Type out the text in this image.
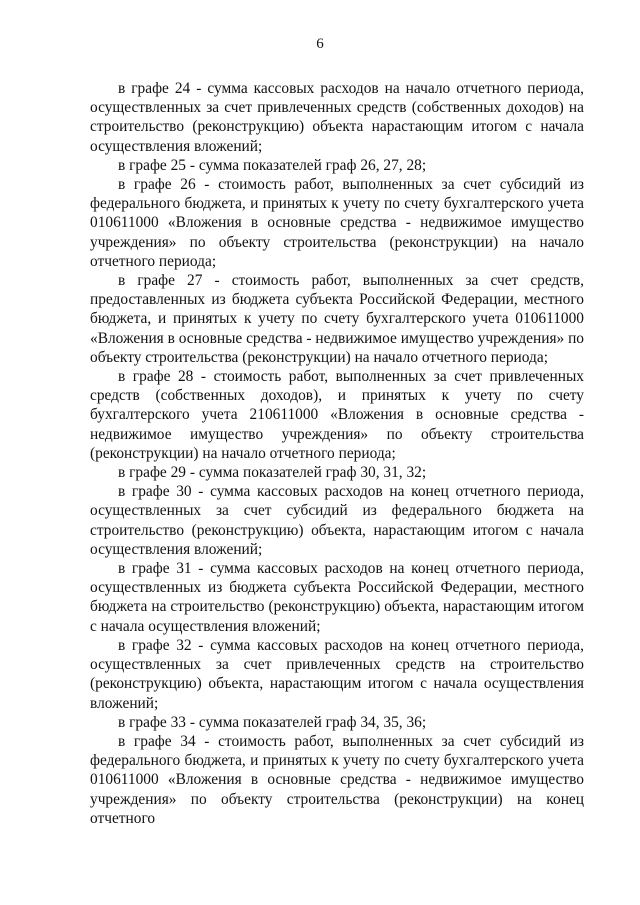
6

в графе 24 - сумма кассовых расходов на начало отчетного периода, осуществленных за счет привлеченных средств (собственных доходов) на строительство (реконструкцию) объекта нарастающим итогом с начала осуществления вложений;

в графе 25 - сумма показателей граф 26, 27, 28;

в графе 26 - стоимость работ, выполненных за счет субсидий из федерального бюджета, и принятых к учету по счету бухгалтерского учета 010611000 «Вложения в основные средства - недвижимое имущество учреждения» по объекту строительства (реконструкции) на начало отчетного периода;

в графе 27 - стоимость работ, выполненных за счет средств, предоставленных из бюджета субъекта Российской Федерации, местного бюджета, и принятых к учету по счету бухгалтерского учета 010611000 «Вложения в основные средства - недвижимое имущество учреждения» по объекту строительства (реконструкции) на начало отчетного периода;

в графе 28 - стоимость работ, выполненных за счет привлеченных средств (собственных доходов), и принятых к учету по счету бухгалтерского учета 210611000 «Вложения в основные средства - недвижимое имущество учреждения» по объекту строительства (реконструкции) на начало отчетного периода;

в графе 29 - сумма показателей граф 30, 31, 32;

в графе 30 - сумма кассовых расходов на конец отчетного периода, осуществленных за счет субсидий из федерального бюджета на строительство (реконструкцию) объекта, нарастающим итогом с начала осуществления вложений;

в графе 31 - сумма кассовых расходов на конец отчетного периода, осуществленных из бюджета субъекта Российской Федерации, местного бюджета на строительство (реконструкцию) объекта, нарастающим итогом с начала осуществления вложений;

в графе 32 - сумма кассовых расходов на конец отчетного периода, осуществленных за счет привлеченных средств на строительство (реконструкцию) объекта, нарастающим итогом с начала осуществления вложений;

в графе 33 - сумма показателей граф 34, 35, 36;

в графе 34 - стоимость работ, выполненных за счет субсидий из федерального бюджета, и принятых к учету по счету бухгалтерского учета 010611000 «Вложения в основные средства - недвижимое имущество учреждения» по объекту строительства (реконструкции) на конец отчетного
